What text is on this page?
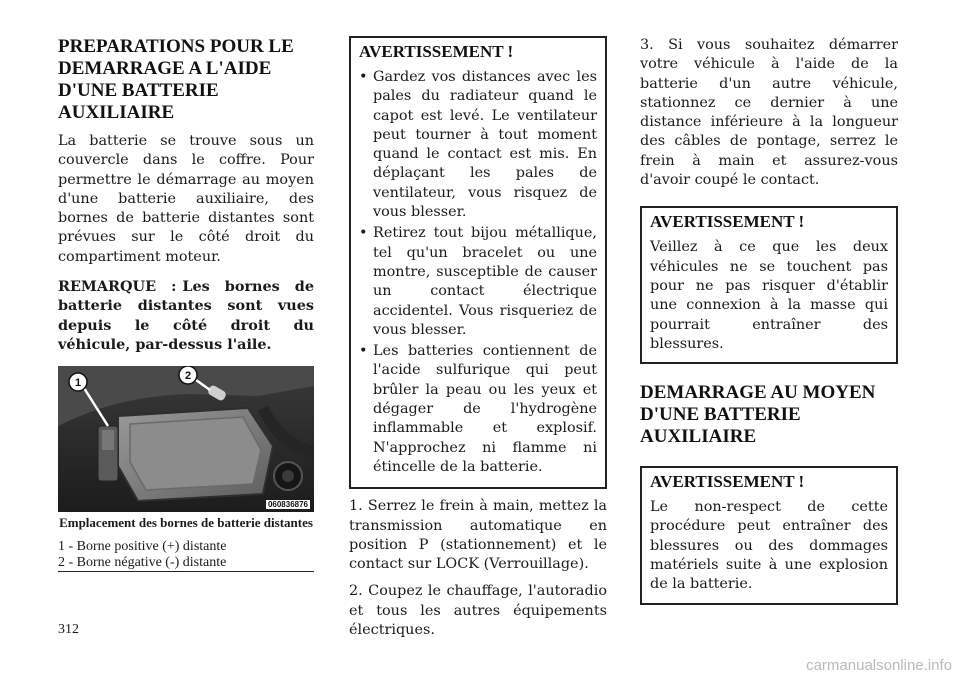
PREPARATIONS POUR LE DEMARRAGE A L'AIDE D'UNE BATTERIE AUXILIAIRE

La batterie se trouve sous un couvercle dans le coffre. Pour permettre le démarrage au moyen d'une batterie auxiliaire, des bornes de batterie distantes sont prévues sur le côté droit du compartiment moteur.

REMARQUE : Les bornes de batterie distantes sont vues depuis le côté droit du véhicule, par-dessus l'aile.

1
2
060836876
Emplacement des bornes de batterie distantes
1 - Borne positive (+) distante
2 - Borne négative (-) distante
AVERTISSEMENT !
• Gardez vos distances avec les pales du radiateur quand le capot est levé. Le ventilateur peut tourner à tout moment quand le contact est mis. En déplaçant les pales de ventilateur, vous risquez de vous blesser.
• Retirez tout bijou métallique, tel qu'un bracelet ou une montre, susceptible de causer un contact électrique accidentel. Vous risqueriez de vous blesser.
• Les batteries contiennent de l'acide sulfurique qui peut brûler la peau ou les yeux et dégager de l'hydrogène inflammable et explosif. N'approchez ni flamme ni étincelle de la batterie.

1. Serrez le frein à main, mettez la transmission automatique en position P (stationnement) et le contact sur LOCK (Verrouillage).

2. Coupez le chauffage, l'autoradio et tous les autres équipements électriques.

3. Si vous souhaitez démarrer votre véhicule à l'aide de la batterie d'un autre véhicule, stationnez ce dernier à une distance inférieure à la longueur des câbles de pontage, serrez le frein à main et assurez-vous d'avoir coupé le contact.

AVERTISSEMENT !

Veillez à ce que les deux véhicules ne se touchent pas pour ne pas risquer d'établir une connexion à la masse qui pourrait entraîner des blessures.

DEMARRAGE AU MOYEN D'UNE BATTERIE AUXILIAIRE
AVERTISSEMENT !

Le non-respect de cette procédure peut entraîner des blessures ou des dommages matériels suite à une explosion de la batterie.

312
carmanualsonline.info
